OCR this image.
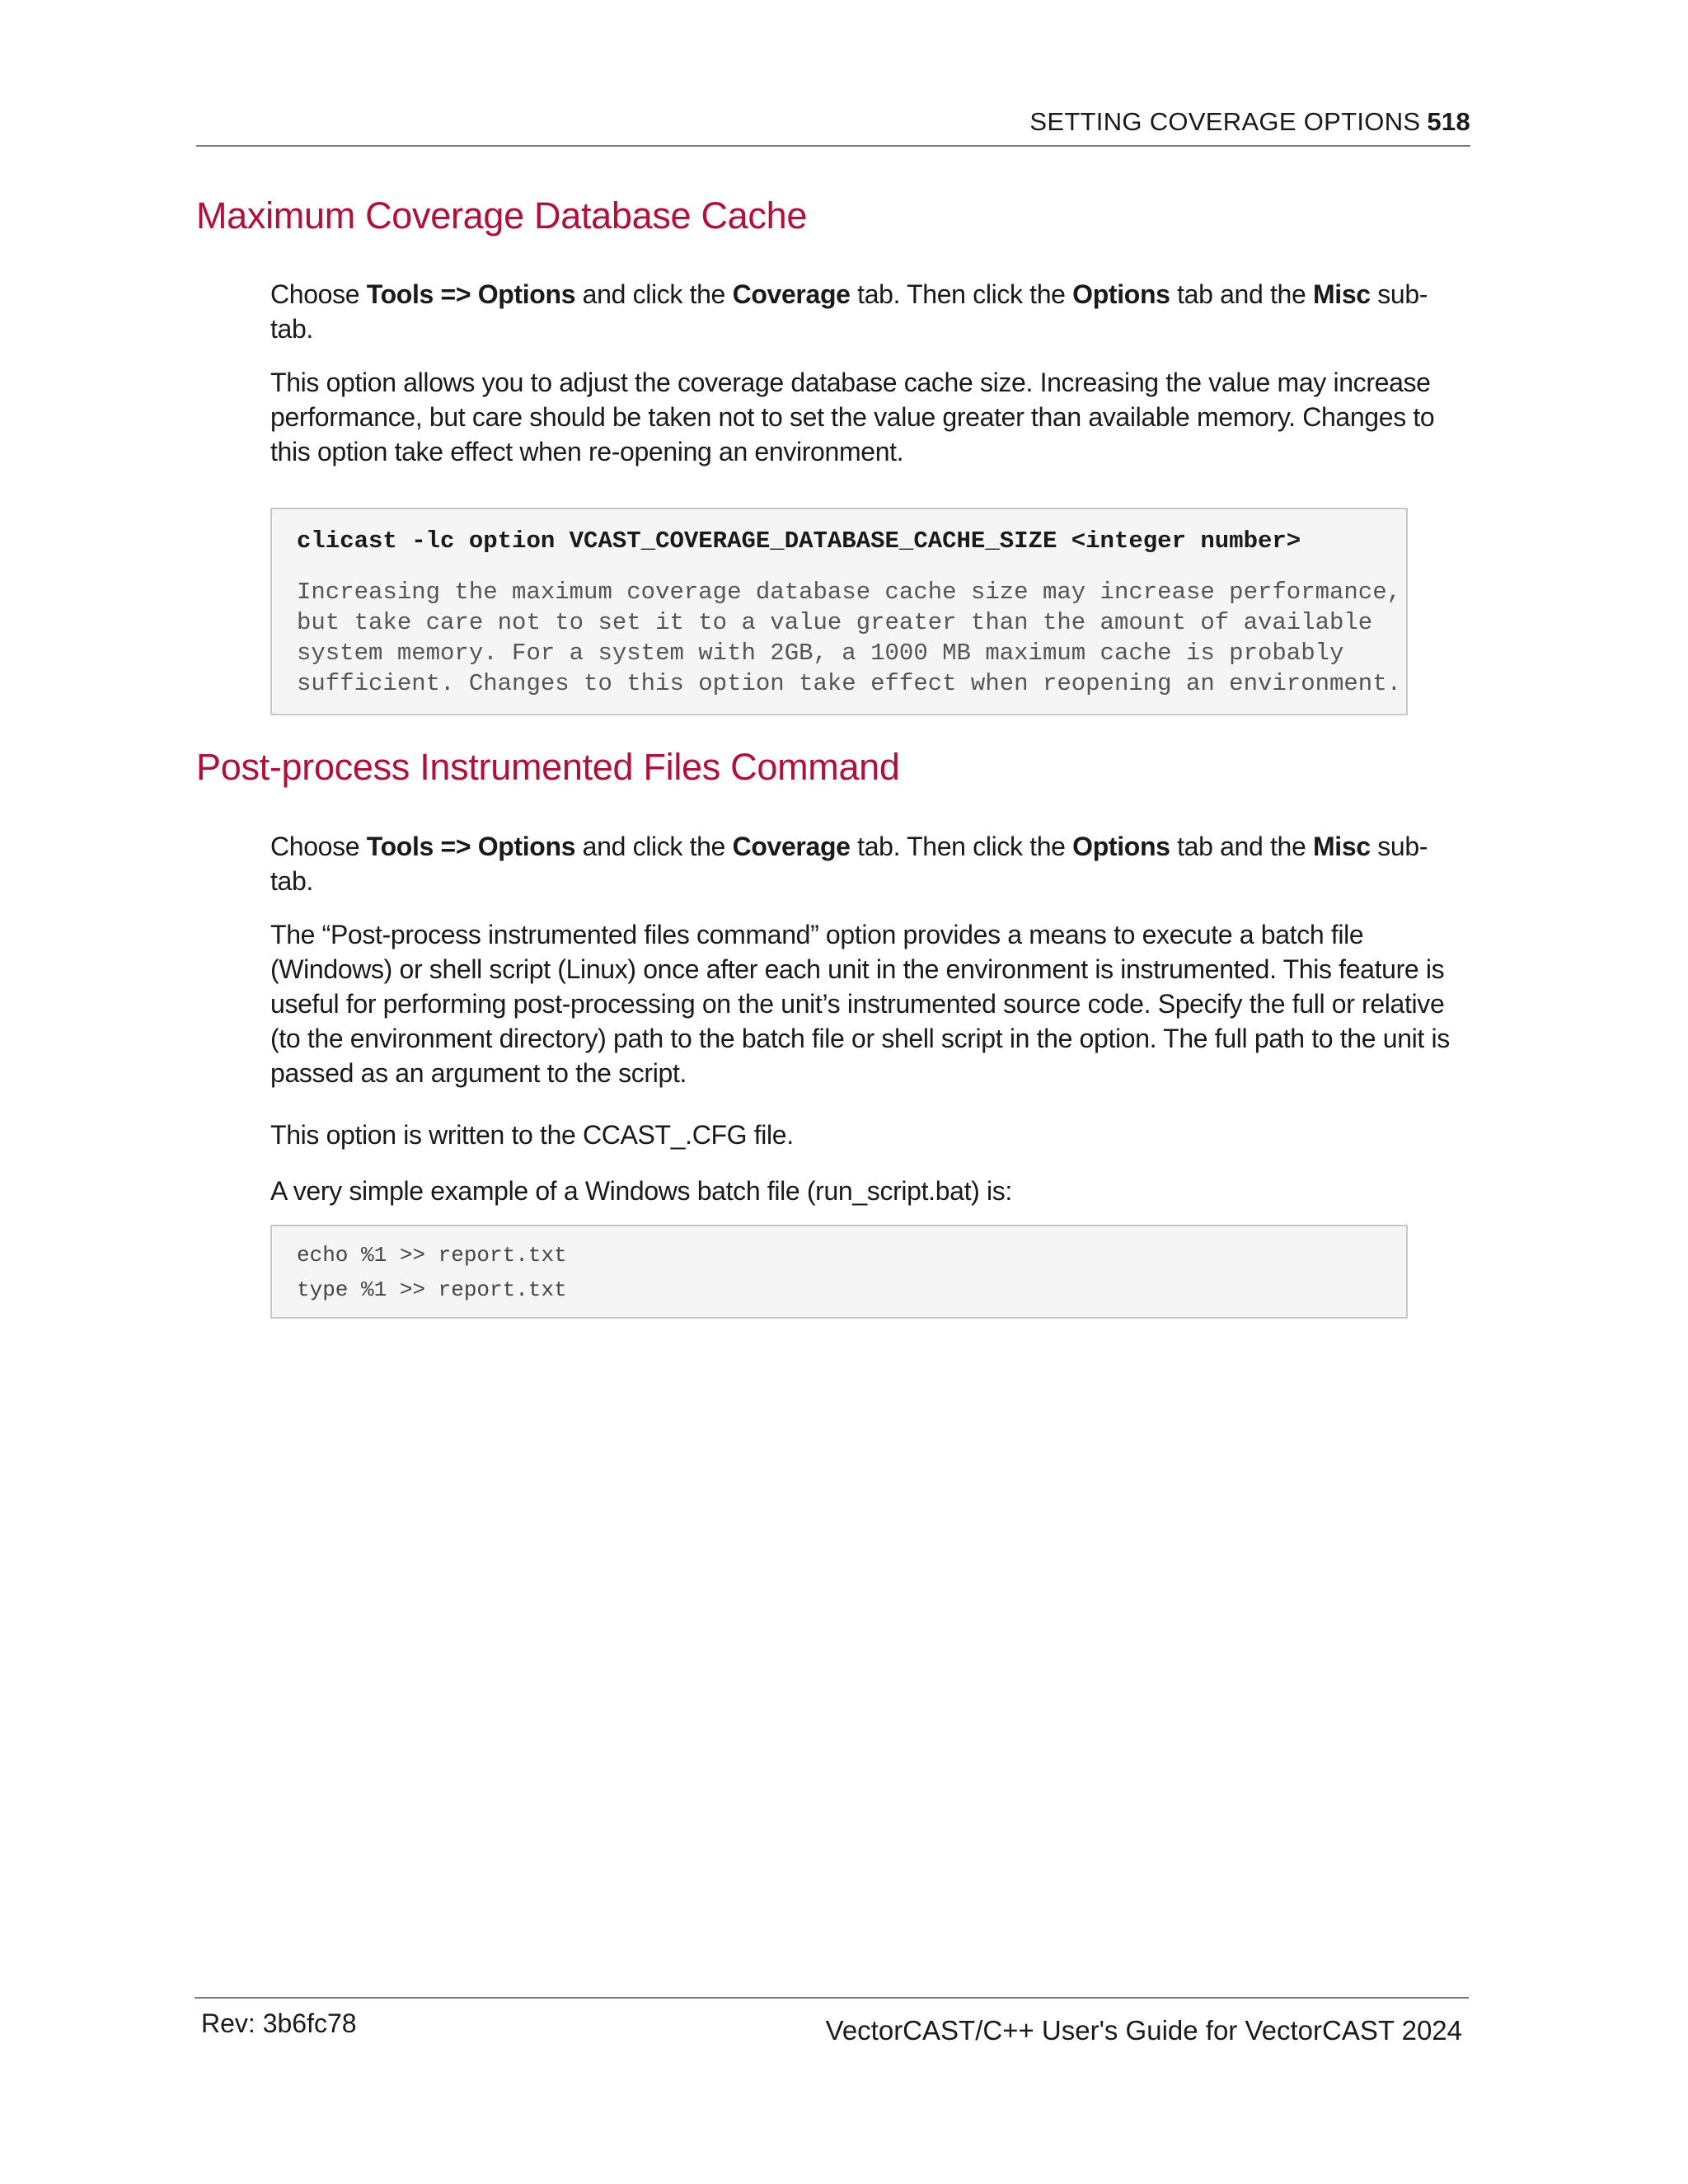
SETTING COVERAGE OPTIONS 518
Maximum Coverage Database Cache

Choose Tools => Options and click the Coverage tab. Then click the Options tab and the Misc sub-
tab.

This option allows you to adjust the coverage database cache size. Increasing the value may increase
performance, but care should be taken not to set the value greater than available memory. Changes to
this option take effect when re-opening an environment.

clicast -lc option VCAST_COVERAGE_DATABASE_CACHE_SIZE <integer number>
Increasing the maximum coverage database cache size may increase performance,
but take care not to set it to a value greater than the amount of available
system memory. For a system with 2GB, a 1000 MB maximum cache is probably
sufficient. Changes to this option take effect when reopening an environment.
Post-process Instrumented Files Command

Choose Tools => Options and click the Coverage tab. Then click the Options tab and the Misc sub-
tab.

The “Post-process instrumented files command” option provides a means to execute a batch file
(Windows) or shell script (Linux) once after each unit in the environment is instrumented. This feature is
useful for performing post-processing on the unit’s instrumented source code. Specify the full or relative
(to the environment directory) path to the batch file or shell script in the option. The full path to the unit is
passed as an argument to the script.

This option is written to the CCAST_.CFG file.

A very simple example of a Windows batch file (run_script.bat) is:

echo %1 >> report.txt
type %1 >> report.txt
Rev: 3b6fc78	VectorCAST/C++ User's Guide for VectorCAST 2024
